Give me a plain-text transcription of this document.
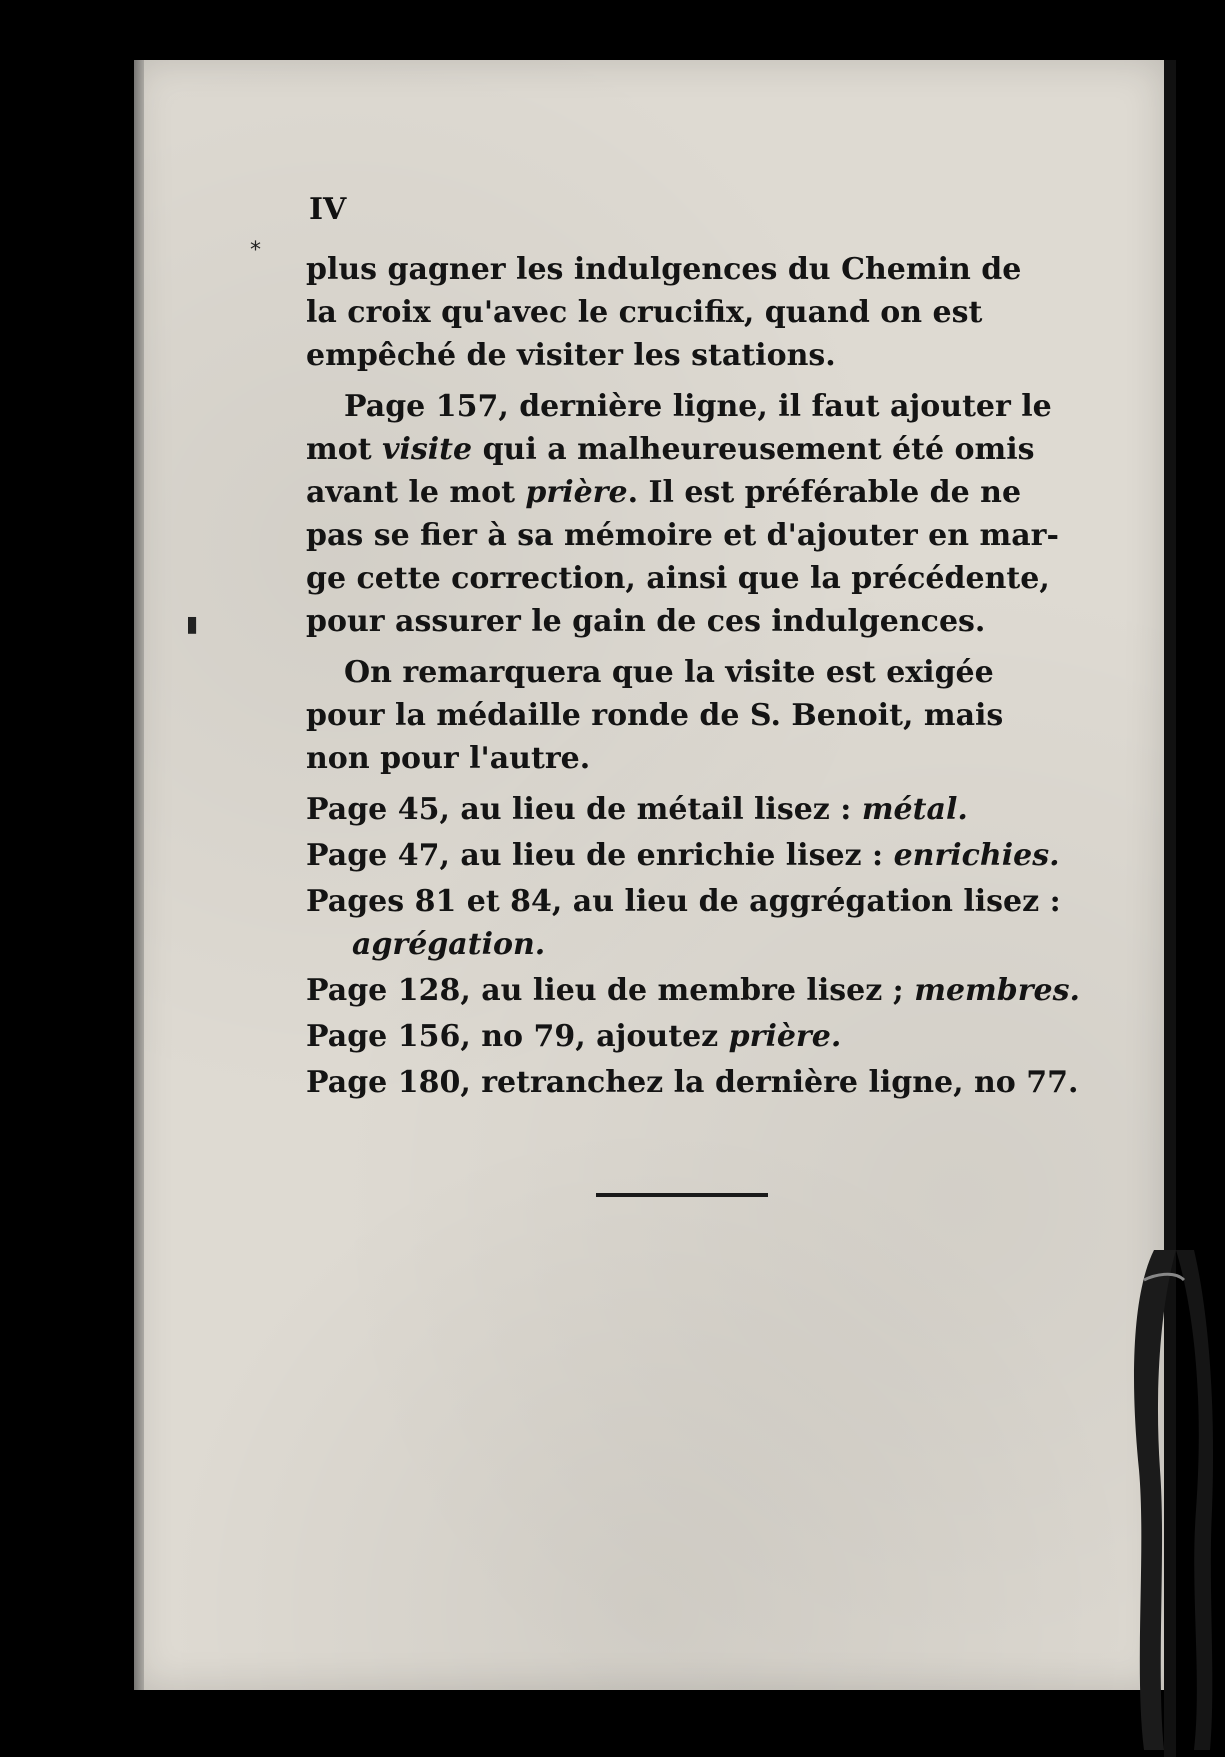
*
▮
IV

plus gagner les indulgences du Chemin de
la croix qu'avec le crucifix, quand on est
empêché de visiter les stations.

Page 157, dernière ligne, il faut ajouter le
mot visite qui a malheureusement été omis
avant le mot prière. Il est préférable de ne
pas se fier à sa mémoire et d'ajouter en mar-
ge cette correction, ainsi que la précédente,
pour assurer le gain de ces indulgences.

On remarquera que la visite est exigée
pour la médaille ronde de S. Benoit, mais
non pour l'autre.

Page 45, au lieu de métail lisez : métal.
Page 47, au lieu de enrichie lisez : enrichies.
Pages 81 et 84, au lieu de aggrégation lisez :
agrégation.
Page 128, au lieu de membre lisez ; membres.
Page 156, no 79, ajoutez prière.
Page 180, retranchez la dernière ligne, no 77.
